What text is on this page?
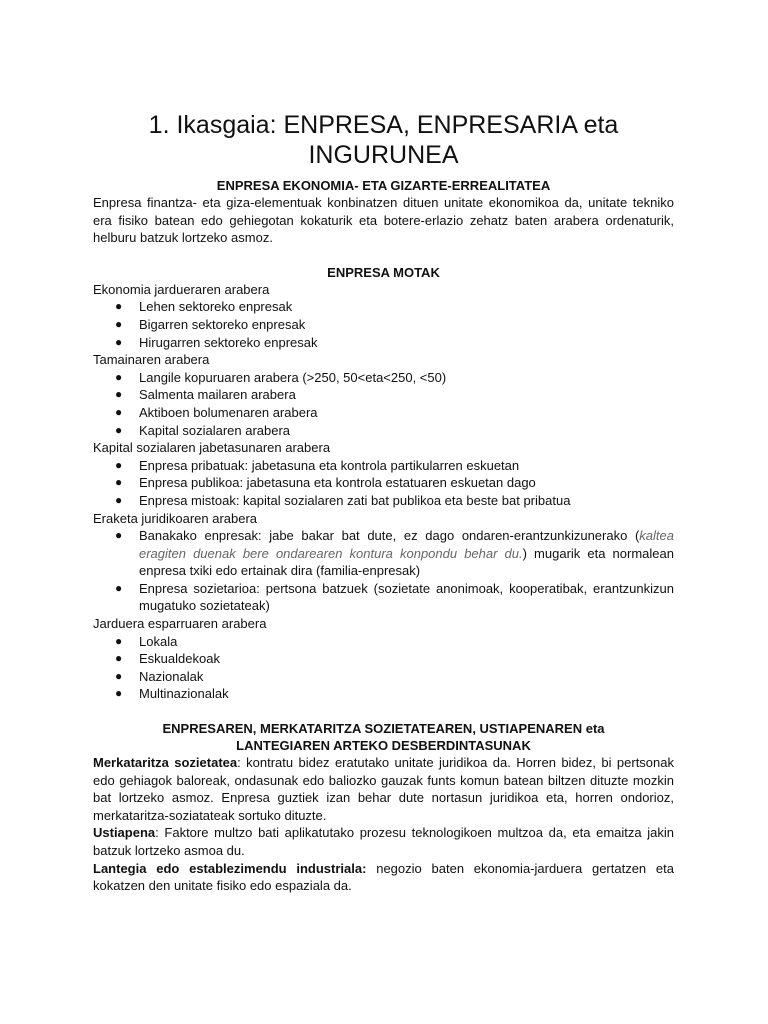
1. Ikasgaia: ENPRESA, ENPRESARIA eta INGURUNEA
ENPRESA EKONOMIA- ETA GIZARTE-ERREALITATEA

Enpresa finantza- eta giza-elementuak konbinatzen dituen unitate ekonomikoa da, unitate tekniko era fisiko batean edo gehiegotan kokaturik eta botere-erlazio zehatz baten arabera ordenaturik, helburu batzuk lortzeko asmoz.

ENPRESA MOTAK
Ekonomia jardueraren arabera
● Lehen sektoreko enpresak
● Bigarren sektoreko enpresak
● Hirugarren sektoreko enpresak
Tamainaren arabera
● Langile kopuruaren arabera (>250, 50<eta<250, <50)
● Salmenta mailaren arabera
● Aktiboen bolumenaren arabera
● Kapital sozialaren arabera
Kapital sozialaren jabetasunaren arabera
● Enpresa pribatuak: jabetasuna eta kontrola partikularren eskuetan
● Enpresa publikoa: jabetasuna eta kontrola estatuaren eskuetan dago
● Enpresa mistoak: kapital sozialaren zati bat publikoa eta beste bat pribatua
Eraketa juridikoaren arabera
● Banakako enpresak: jabe bakar bat dute, ez dago ondaren-erantzunkizunerako (kaltea eragiten duenak bere ondarearen kontura konpondu behar du.) mugarik eta normalean enpresa txiki edo ertainak dira (familia-enpresak)
● Enpresa sozietarioa: pertsona batzuek (sozietate anonimoak, kooperatibak, erantzunkizun mugatuko sozietateak)
Jarduera esparruaren arabera
● Lokala
● Eskualdekoak
● Nazionalak
● Multinazionalak
ENPRESAREN, MERKATARITZA SOZIETATEAREN, USTIAPENAREN eta
LANTEGIAREN ARTEKO DESBERDINTASUNAK

Merkataritza sozietatea: kontratu bidez eratutako unitate juridikoa da. Horren bidez, bi pertsonak edo gehiagok baloreak, ondasunak edo baliozko gauzak funts komun batean biltzen dituzte mozkin bat lortzeko asmoz. Enpresa guztiek izan behar dute nortasun juridikoa eta, horren ondorioz, merkataritza-soziatateak sortuko dituzte.

Ustiapena: Faktore multzo bati aplikatutako prozesu teknologikoen multzoa da, eta emaitza jakin batzuk lortzeko asmoa du.

Lantegia edo establezimendu industriala: negozio baten ekonomia-jarduera gertatzen eta kokatzen den unitate fisiko edo espaziala da.
